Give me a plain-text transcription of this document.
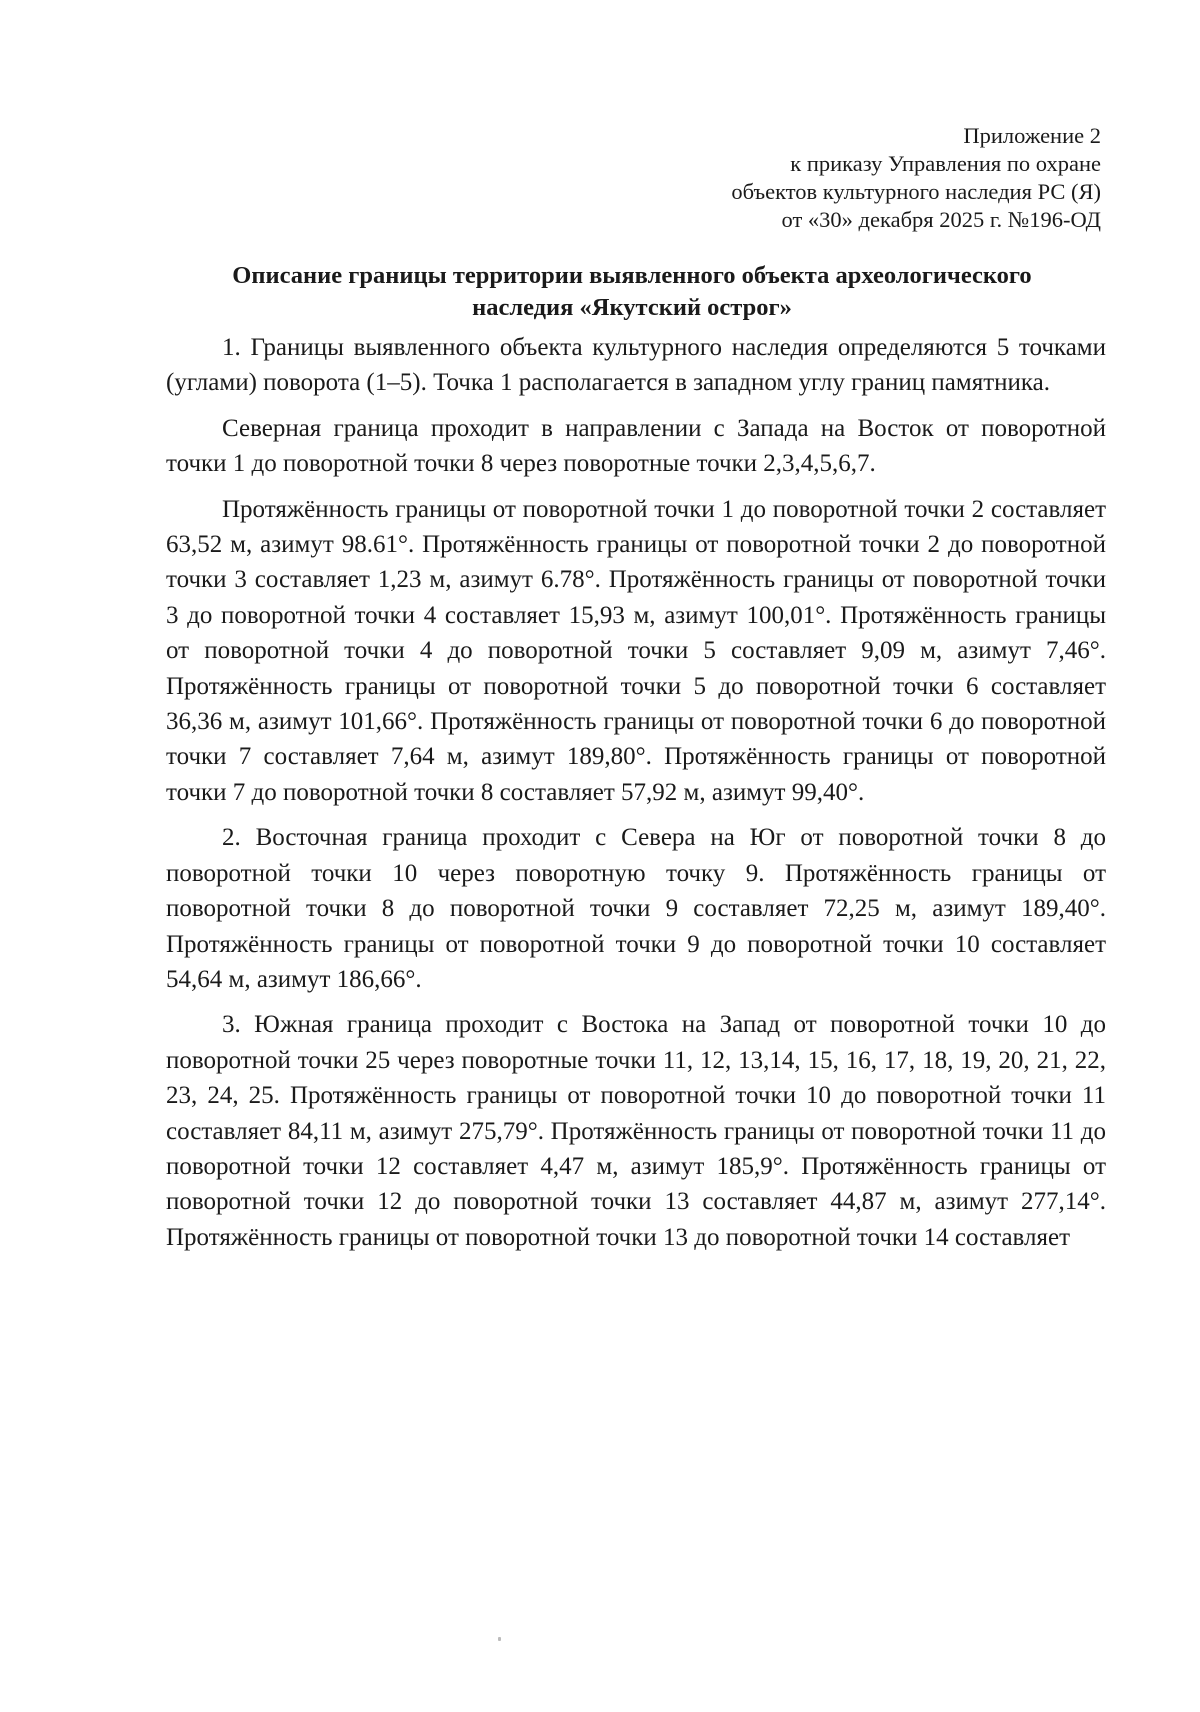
Приложение 2
к приказу Управления по охране
объектов культурного наследия РС (Я)
от «30» декабря 2025 г. №196-ОД
Описание границы территории выявленного объекта археологического
наследия «Якутский острог»

1. Границы выявленного объекта культурного наследия определяются 5 точками (углами) поворота (1–5). Точка 1 располагается в западном углу границ памятника.

Северная граница проходит в направлении с Запада на Восток от поворотной точки 1 до поворотной точки 8 через поворотные точки 2,3,4,5,6,7.

Протяжённость границы от поворотной точки 1 до поворотной точки 2 составляет 63,52 м, азимут 98.61°. Протяжённость границы от поворотной точки 2 до поворотной точки 3 составляет 1,23 м, азимут 6.78°. Протяжённость границы от поворотной точки 3 до поворотной точки 4 составляет 15,93 м, азимут 100,01°. Протяжённость границы от поворотной точки 4 до поворотной точки 5 составляет 9,09 м, азимут 7,46°. Протяжённость границы от поворотной точки 5 до поворотной точки 6 составляет 36,36 м, азимут 101,66°. Протяжённость границы от поворотной точки 6 до поворотной точки 7 составляет 7,64 м, азимут 189,80°. Протяжённость границы от поворотной точки 7 до поворотной точки 8 составляет 57,92 м, азимут 99,40°.

2. Восточная граница проходит с Севера на Юг от поворотной точки 8 до поворотной точки 10 через поворотную точку 9. Протяжённость границы от поворотной точки 8 до поворотной точки 9 составляет 72,25 м, азимут 189,40°. Протяжённость границы от поворотной точки 9 до поворотной точки 10 составляет 54,64 м, азимут 186,66°.

3. Южная граница проходит с Востока на Запад от поворотной точки 10 до поворотной точки 25 через поворотные точки 11, 12, 13,14, 15, 16, 17, 18, 19, 20, 21, 22, 23, 24, 25. Протяжённость границы от поворотной точки 10 до поворотной точки 11 составляет 84,11 м, азимут 275,79°. Протяжённость границы от поворотной точки 11 до поворотной точки 12 составляет 4,47 м, азимут 185,9°. Протяжённость границы от поворотной точки 12 до поворотной точки 13 составляет 44,87 м, азимут 277,14°. Протяжённость границы от поворотной точки 13 до поворотной точки 14 составляет
